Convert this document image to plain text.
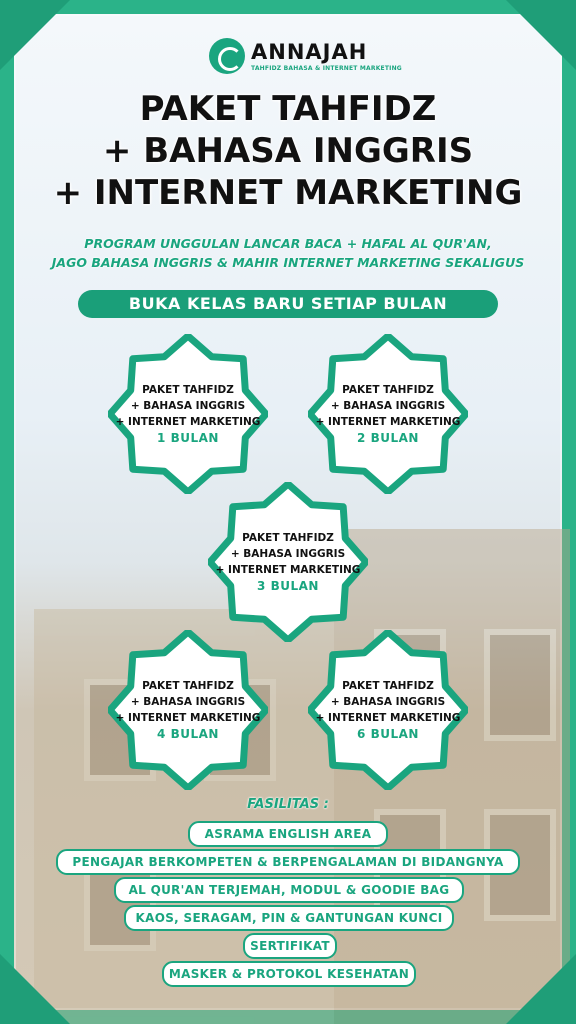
ANNAJAH
TAHFIDZ BAHASA & INTERNET MARKETING
PAKET TAHFIDZ
+ BAHASA INGGRIS
+ INTERNET MARKETING
PROGRAM UNGGULAN LANCAR BACA + HAFAL AL QUR'AN,
JAGO BAHASA INGGRIS & MAHIR INTERNET MARKETING SEKALIGUS
BUKA KELAS BARU SETIAP BULAN
PAKET TAHFIDZ
+ BAHASA INGGRIS
+ INTERNET MARKETING
1 BULAN
PAKET TAHFIDZ
+ BAHASA INGGRIS
+ INTERNET MARKETING
2 BULAN
PAKET TAHFIDZ
+ BAHASA INGGRIS
+ INTERNET MARKETING
3 BULAN
PAKET TAHFIDZ
+ BAHASA INGGRIS
+ INTERNET MARKETING
4 BULAN
PAKET TAHFIDZ
+ BAHASA INGGRIS
+ INTERNET MARKETING
6 BULAN
FASILITAS :
ASRAMA ENGLISH AREA
PENGAJAR BERKOMPETEN & BERPENGALAMAN DI BIDANGNYA
AL QUR'AN TERJEMAH, MODUL & GOODIE BAG
KAOS, SERAGAM, PIN & GANTUNGAN KUNCI
SERTIFIKAT
MASKER & PROTOKOL KESEHATAN
